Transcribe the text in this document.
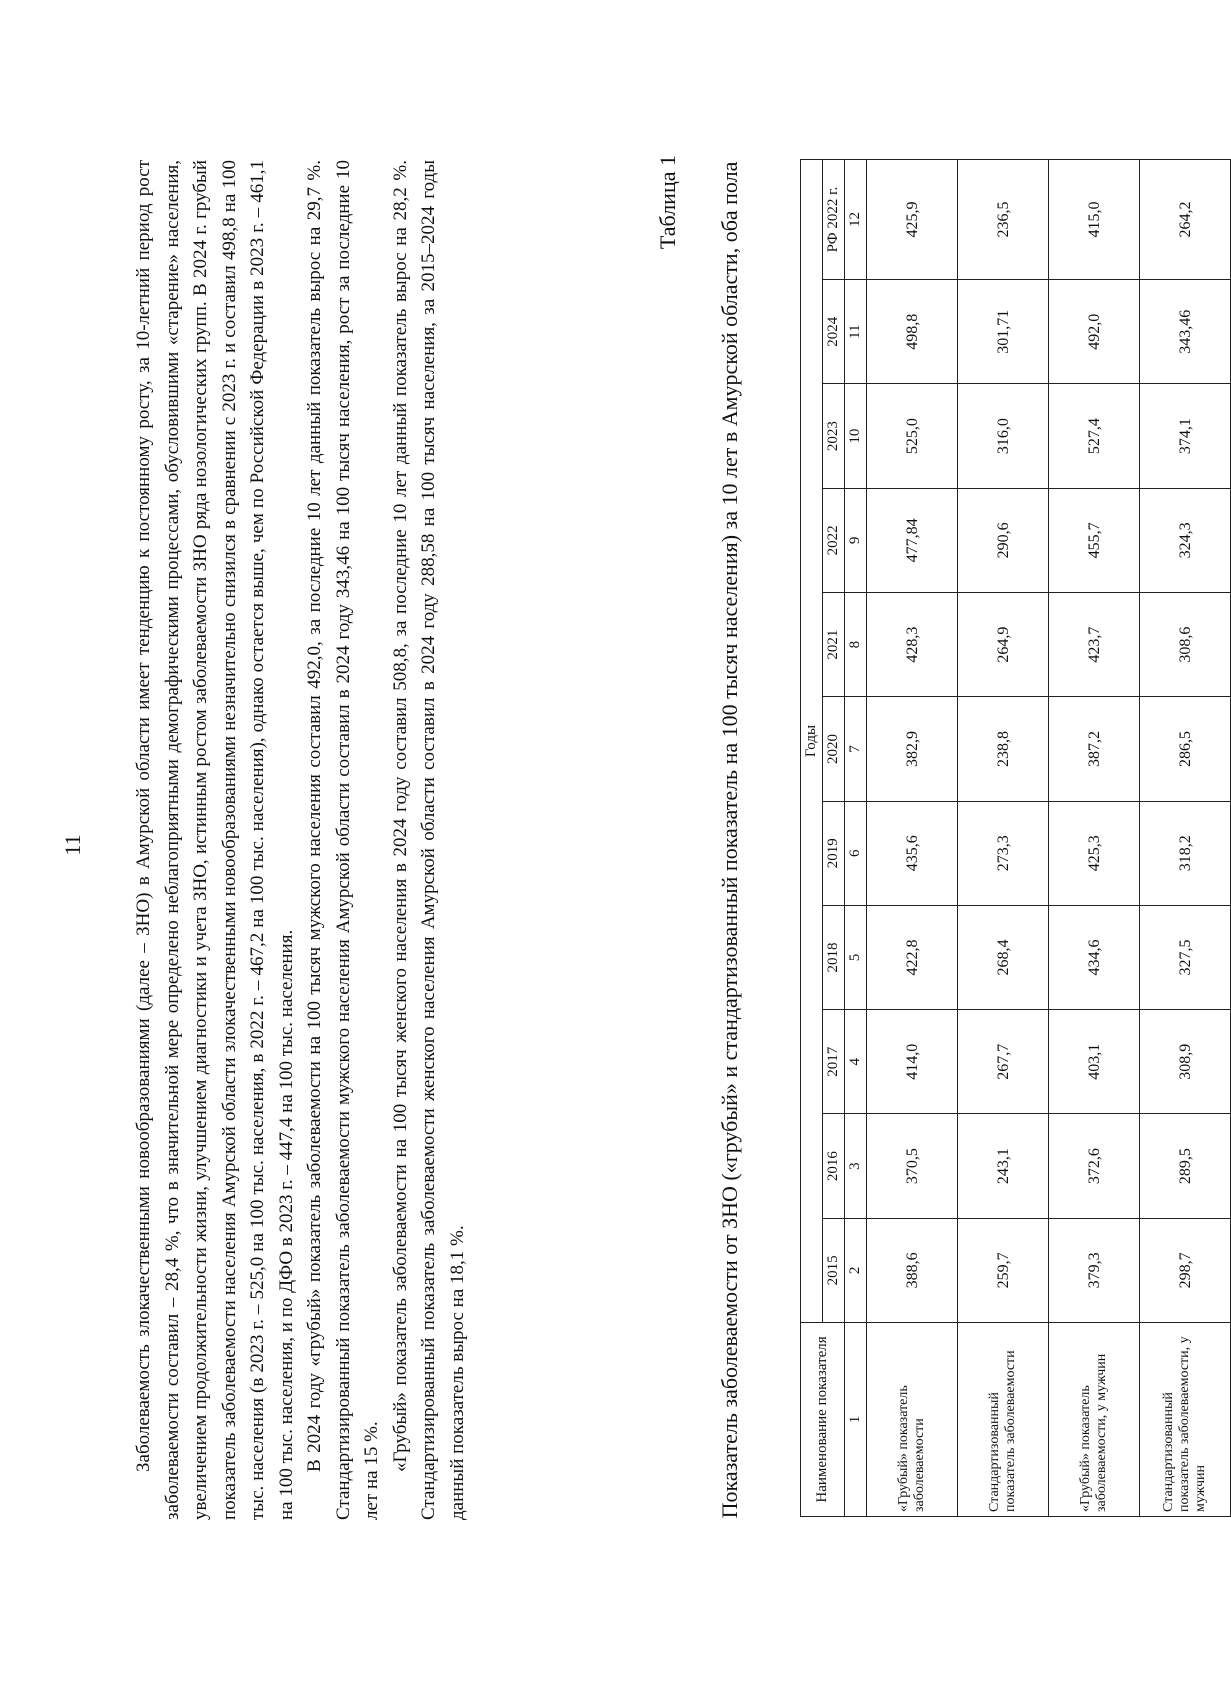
11	Заболеваемость злокачественными новообразованиями (далее – ЗНО) в Амурской области имеет тенденцию к постоянному росту, за 10-летний период рост заболеваемости составил – 28,4 %, что в значительной мере определено неблагоприятными демографическими процессами, обусловившими «старение» населения, увеличением продолжительности жизни, улучшением диагностики и учета ЗНО, истинным ростом заболеваемости ЗНО ряда нозологических групп. В 2024 г. грубый показатель заболеваемости населения Амурской области злокачественными новообразованиями незначительно снизился в сравнении с 2023 г. и составил 498,8 на 100 тыс. населения (в 2023 г. – 525,0 на 100 тыс. населения, в 2022 г. – 467,2 на 100 тыс. населения), однако остается выше, чем по Российской Федерации в 2023 г. – 461,1 на 100 тыс. населения, и по ДФО в 2023 г. – 447,4 на 100 тыс. населения. В 2024 году «грубый» показатель заболеваемости на 100 тысяч мужского населения составил 492,0, за последние 10 лет данный показатель вырос на 29,7 %. Стандартизированный показатель заболеваемости мужского населения Амурской области составил в 2024 году 343,46 на 100 тысяч населения, рост за последние 10 лет на 15 %. «Грубый» показатель заболеваемости на 100 тысяч женского населения в 2024 году составил 508,8, за последние 10 лет данный показатель вырос на 28,2 %. Стандартизированный показатель заболеваемости женского населения Амурской области составил в 2024 году 288,58 на 100 тысяч населения, за 2015–2024 годы данный показатель вырос на 18,1 %.

Таблица 1 Показатель заболеваемости от ЗНО («грубый» и стандартизованный показатель на 100 тысяч населения) за 10 лет в Амурской области, оба пола	Наименование показателя	Годы										
	2015	2016	2017	2018	2019	2020	2021	2022	2023	2024	РФ 2022 г.
1	2	3	4	5	6	7	8	9	10	11	12
«Грубый» показатель заболеваемости	388,6	370,5	414,0	422,8	435,6	382,9	428,3	477,84	525,0	498,8	425,9
Стандартизованный показатель заболеваемости	259,7	243,1	267,7	268,4	273,3	238,8	264,9	290,6	316,0	301,71	236,5
«Грубый» показатель заболеваемости, у мужчин	379,3	372,6	403,1	434,6	425,3	387,2	423,7	455,7	527,4	492,0	415,0
Стандартизованный показатель заболеваемости, у мужчин	298,7	289,5	308,9	327,5	318,2	286,5	308,6	324,3	374,1	343,46	264,2
